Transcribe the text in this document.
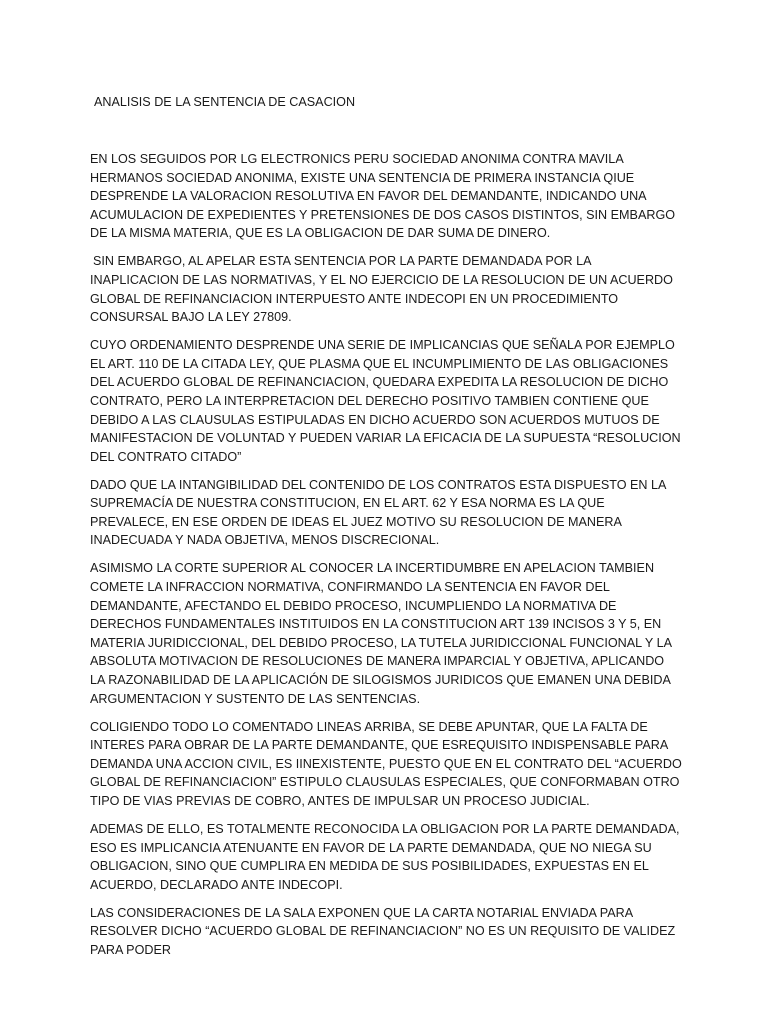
ANALISIS DE LA SENTENCIA DE CASACION

EN LOS SEGUIDOS POR LG ELECTRONICS PERU SOCIEDAD ANONIMA CONTRA MAVILA HERMANOS SOCIEDAD ANONIMA, EXISTE UNA SENTENCIA DE PRIMERA INSTANCIA QIUE DESPRENDE LA VALORACION RESOLUTIVA EN FAVOR DEL DEMANDANTE, INDICANDO UNA ACUMULACION DE EXPEDIENTES Y PRETENSIONES DE DOS CASOS DISTINTOS, SIN EMBARGO DE LA MISMA MATERIA, QUE ES LA OBLIGACION DE DAR SUMA DE DINERO.

SIN EMBARGO, AL APELAR ESTA SENTENCIA POR LA PARTE DEMANDADA POR LA INAPLICACION DE LAS NORMATIVAS, Y EL NO EJERCICIO DE LA RESOLUCION DE UN ACUERDO GLOBAL DE REFINANCIACION INTERPUESTO ANTE INDECOPI EN UN PROCEDIMIENTO CONSURSAL BAJO LA LEY 27809.

CUYO ORDENAMIENTO DESPRENDE UNA SERIE DE IMPLICANCIAS QUE SEÑALA POR EJEMPLO EL ART. 110 DE LA CITADA LEY, QUE PLASMA QUE EL INCUMPLIMIENTO DE LAS OBLIGACIONES DEL ACUERDO GLOBAL DE REFINANCIACION, QUEDARA EXPEDITA LA RESOLUCION DE DICHO CONTRATO, PERO LA INTERPRETACION DEL DERECHO POSITIVO TAMBIEN CONTIENE QUE DEBIDO A LAS CLAUSULAS ESTIPULADAS EN DICHO ACUERDO SON ACUERDOS MUTUOS DE MANIFESTACION DE VOLUNTAD Y PUEDEN VARIAR LA EFICACIA DE LA SUPUESTA “RESOLUCION DEL CONTRATO CITADO”

DADO QUE LA INTANGIBILIDAD DEL CONTENIDO DE LOS CONTRATOS ESTA DISPUESTO EN LA SUPREMACÍA DE NUESTRA CONSTITUCION, EN EL ART. 62 Y ESA NORMA ES LA QUE PREVALECE, EN ESE ORDEN DE IDEAS EL JUEZ MOTIVO SU RESOLUCION DE MANERA INADECUADA Y NADA OBJETIVA, MENOS DISCRECIONAL.

ASIMISMO LA CORTE SUPERIOR AL CONOCER LA INCERTIDUMBRE EN APELACION TAMBIEN COMETE LA INFRACCION NORMATIVA, CONFIRMANDO LA SENTENCIA EN FAVOR DEL DEMANDANTE, AFECTANDO EL DEBIDO PROCESO, INCUMPLIENDO LA NORMATIVA DE DERECHOS FUNDAMENTALES INSTITUIDOS EN LA CONSTITUCION ART 139 INCISOS 3 Y 5, EN MATERIA JURIDICCIONAL, DEL DEBIDO PROCESO, LA TUTELA JURIDICCIONAL FUNCIONAL Y LA ABSOLUTA MOTIVACION DE RESOLUCIONES DE MANERA IMPARCIAL Y OBJETIVA, APLICANDO LA RAZONABILIDAD DE LA APLICACIÓN DE SILOGISMOS JURIDICOS QUE EMANEN UNA DEBIDA ARGUMENTACION Y SUSTENTO DE LAS SENTENCIAS.

COLIGIENDO TODO LO COMENTADO LINEAS ARRIBA, SE DEBE APUNTAR, QUE LA FALTA DE INTERES PARA OBRAR DE LA PARTE DEMANDANTE, QUE ESREQUISITO INDISPENSABLE PARA DEMANDA UNA ACCION CIVIL, ES IINEXISTENTE, PUESTO QUE EN EL CONTRATO DEL “ACUERDO GLOBAL DE REFINANCIACION” ESTIPULO CLAUSULAS ESPECIALES, QUE CONFORMABAN OTRO TIPO DE VIAS PREVIAS DE COBRO, ANTES DE IMPULSAR UN PROCESO JUDICIAL.

ADEMAS DE ELLO, ES TOTALMENTE RECONOCIDA LA OBLIGACION POR LA PARTE DEMANDADA, ESO ES IMPLICANCIA ATENUANTE EN FAVOR DE LA PARTE DEMANDADA, QUE NO NIEGA SU OBLIGACION, SINO QUE CUMPLIRA EN MEDIDA DE SUS POSIBILIDADES, EXPUESTAS EN EL ACUERDO, DECLARADO ANTE INDECOPI.

LAS CONSIDERACIONES DE LA SALA EXPONEN QUE LA CARTA NOTARIAL ENVIADA PARA RESOLVER DICHO “ACUERDO GLOBAL DE REFINANCIACION” NO ES UN REQUISITO DE VALIDEZ PARA PODER
